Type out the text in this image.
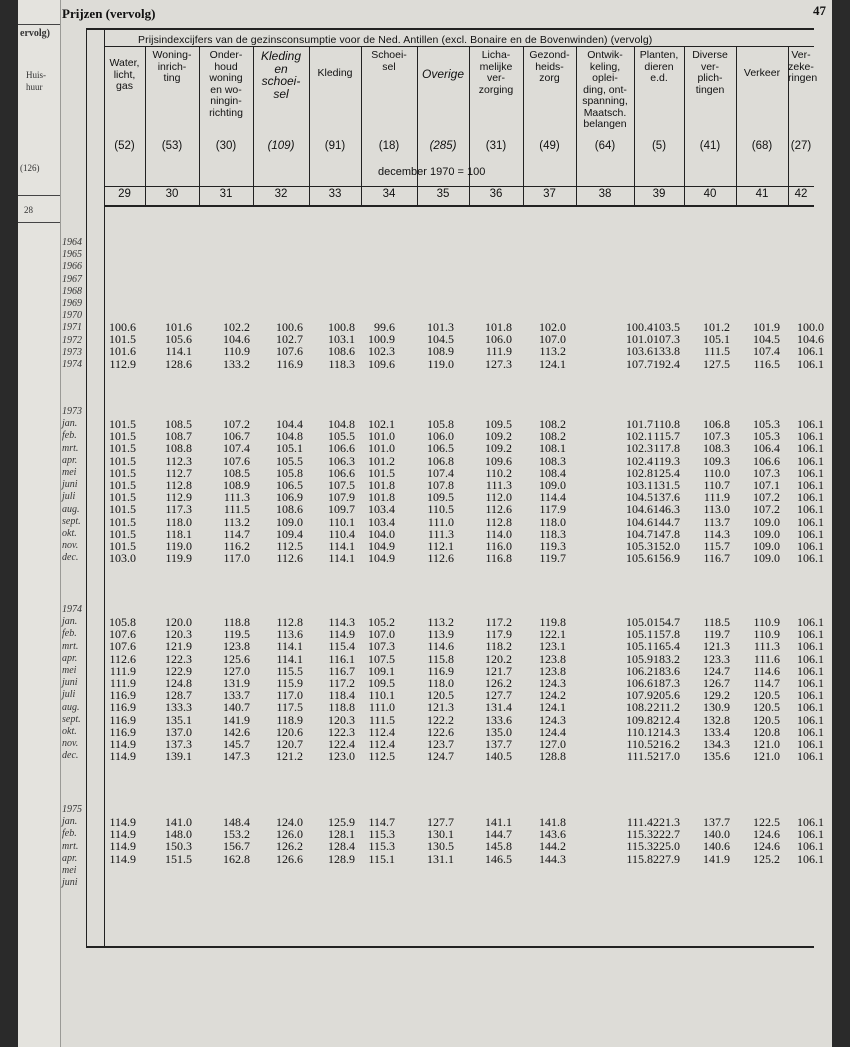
ervolg)
Huis-
huur
(126)
28
Prijzen (vervolg)	47
Prijsindexcijfers van de gezinsconsumptie voor de Ned. Antillen (excl. Bonaire en de Bovenwinden) (vervolg)
december 1970 = 100
Water,
licht,
gas
(52)
29
Woning-
inrich-
ting
(53)
30
Onder-
houd
woning
en wo-
ningin-
richting
(30)
31
Kleding
en
schoei-
sel
(109)
32
Kleding
(91)
33
Schoei-
sel
(18)
34
Overige
(285)
35
Licha-
melijke
ver-
zorging
(31)
36
Gezond-
heids-
zorg
(49)
37
Ontwik-
keling,
oplei-
ding, ont-
spanning,
Maatsch.
belangen
(64)
38
Planten,
dieren
e.d.
(5)
39
Diverse
ver-
plich-
tingen
(41)
40
Verkeer
(68)
41
Ver-
zeke-
ringen
(27)
42
1964
1965
1966
1967
1968
1969
1970
1971
1972
1973
1974
1973
jan.
feb.
mrt.
apr.
mei
juni
juli
aug.
sept.
okt.
nov.
dec.
1974
jan.
feb.
mrt.
apr.
mei
juni
juli
aug.
sept.
okt.
nov.
dec.
1975
jan.
feb.
mrt.
apr.
mei
juni
100.6
101.5
101.6
112.9
101.6
105.6
114.1
128.6
102.2
104.6
110.9
133.2
100.6
102.7
107.6
116.9
100.8
103.1
108.6
118.3
99.6
100.9
102.3
109.6
101.3
104.5
108.9
119.0
101.8
106.0
111.9
127.3
102.0
107.0
113.2
124.1
100.4
101.0
103.6
107.7
103.5
107.3
133.8
192.4
101.2
105.1
111.5
127.5
101.9
104.5
107.4
116.5
100.0
104.6
106.1
106.1
101.5
101.5
101.5
101.5
101.5
101.5
101.5
101.5
101.5
101.5
101.5
103.0
108.5
108.7
108.8
112.3
112.7
112.8
112.9
117.3
118.0
118.1
119.0
119.9
107.2
106.7
107.4
107.6
108.5
108.9
111.3
111.5
113.2
114.7
116.2
117.0
104.4
104.8
105.1
105.5
105.8
106.5
106.9
108.6
109.0
109.4
112.5
112.6
104.8
105.5
106.6
106.3
106.6
107.5
107.9
109.7
110.1
110.4
114.1
114.1
102.1
101.0
101.0
101.2
101.5
101.8
101.8
103.4
103.4
104.0
104.9
104.9
105.8
106.0
106.5
106.8
107.4
107.8
109.5
110.5
111.0
111.3
112.1
112.6
109.5
109.2
109.2
109.6
110.2
111.3
112.0
112.6
112.8
114.0
116.0
116.8
108.2
108.2
108.1
108.3
108.4
109.0
114.4
117.9
118.0
118.3
119.3
119.7
101.7
102.1
102.3
102.4
102.8
103.1
104.5
104.6
104.6
104.7
105.3
105.6
110.8
115.7
117.8
119.3
125.4
131.5
137.6
146.3
144.7
147.8
152.0
156.9
106.8
107.3
108.3
109.3
110.0
110.7
111.9
113.0
113.7
114.3
115.7
116.7
105.3
105.3
106.4
106.6
107.3
107.1
107.2
107.2
109.0
109.0
109.0
109.0
106.1
106.1
106.1
106.1
106.1
106.1
106.1
106.1
106.1
106.1
106.1
106.1
105.8
107.6
107.6
112.6
111.9
111.9
116.9
116.9
116.9
116.9
114.9
114.9
120.0
120.3
121.9
122.3
122.9
124.8
128.7
133.3
135.1
137.0
137.3
139.1
118.8
119.5
123.8
125.6
127.0
131.9
133.7
140.7
141.9
142.6
145.7
147.3
112.8
113.6
114.1
114.1
115.5
115.9
117.0
117.5
118.9
120.6
120.7
121.2
114.3
114.9
115.4
116.1
116.7
117.2
118.4
118.8
120.3
122.3
122.4
123.0
105.2
107.0
107.3
107.5
109.1
109.5
110.1
111.0
111.5
112.4
112.4
112.5
113.2
113.9
114.6
115.8
116.9
118.0
120.5
121.3
122.2
122.6
123.7
124.7
117.2
117.9
118.2
120.2
121.7
126.2
127.7
131.4
133.6
135.0
137.7
140.5
119.8
122.1
123.1
123.8
123.8
124.3
124.2
124.1
124.3
124.4
127.0
128.8
105.0
105.1
105.1
105.9
106.2
106.6
107.9
108.2
109.8
110.1
110.5
111.5
154.7
157.8
165.4
183.2
183.6
187.3
205.6
211.2
212.4
214.3
216.2
217.0
118.5
119.7
121.3
123.3
124.7
126.7
129.2
130.9
132.8
133.4
134.3
135.6
110.9
110.9
111.3
111.6
114.6
114.7
120.5
120.5
120.5
120.8
121.0
121.0
106.1
106.1
106.1
106.1
106.1
106.1
106.1
106.1
106.1
106.1
106.1
106.1
114.9
114.9
114.9
114.9
141.0
148.0
150.3
151.5
148.4
153.2
156.7
162.8
124.0
126.0
126.2
126.6
125.9
128.1
128.4
128.9
114.7
115.3
115.3
115.1
127.7
130.1
130.5
131.1
141.1
144.7
145.8
146.5
141.8
143.6
144.2
144.3
111.4
115.3
115.3
115.8
221.3
222.7
225.0
227.9
137.7
140.0
140.6
141.9
122.5
124.6
124.6
125.2
106.1
106.1
106.1
106.1
